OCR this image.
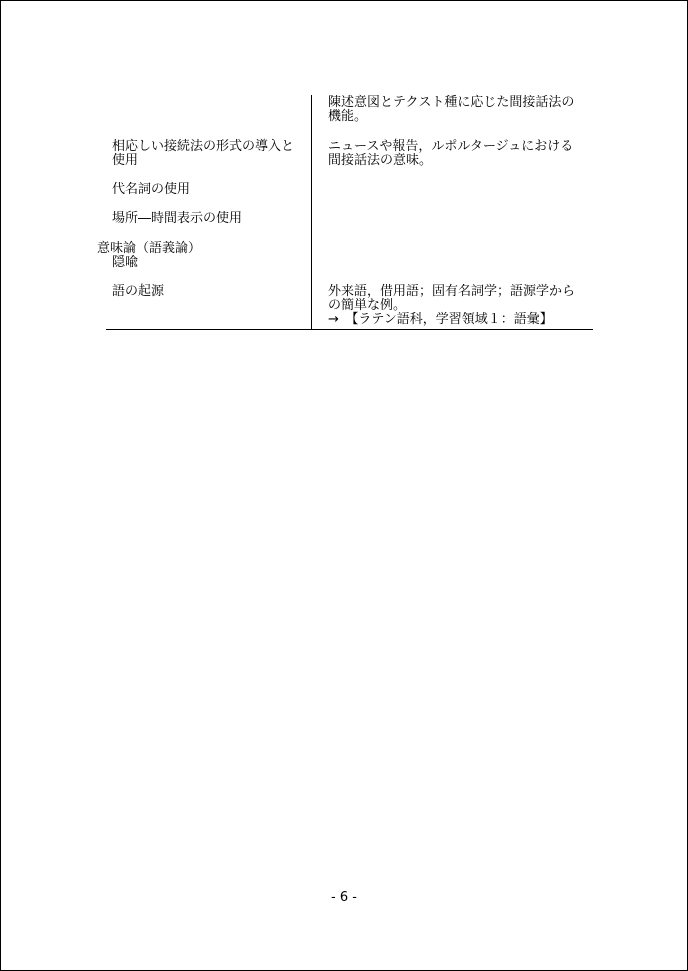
陳述意図とテクスト種に応じた間接話法の
機能。
ニュースや報告，ルポルタージュにおける
間接話法の意味。
外来語，借用語；固有名詞学；語源学から
の簡単な例。
→　【ラテン語科，学習領域１：語彙】
相応しい接続法の形式の導入と
使用
代名詞の使用
場所―時間表示の使用
意味論（語義論）
隠喩
語の起源
- 6 -
